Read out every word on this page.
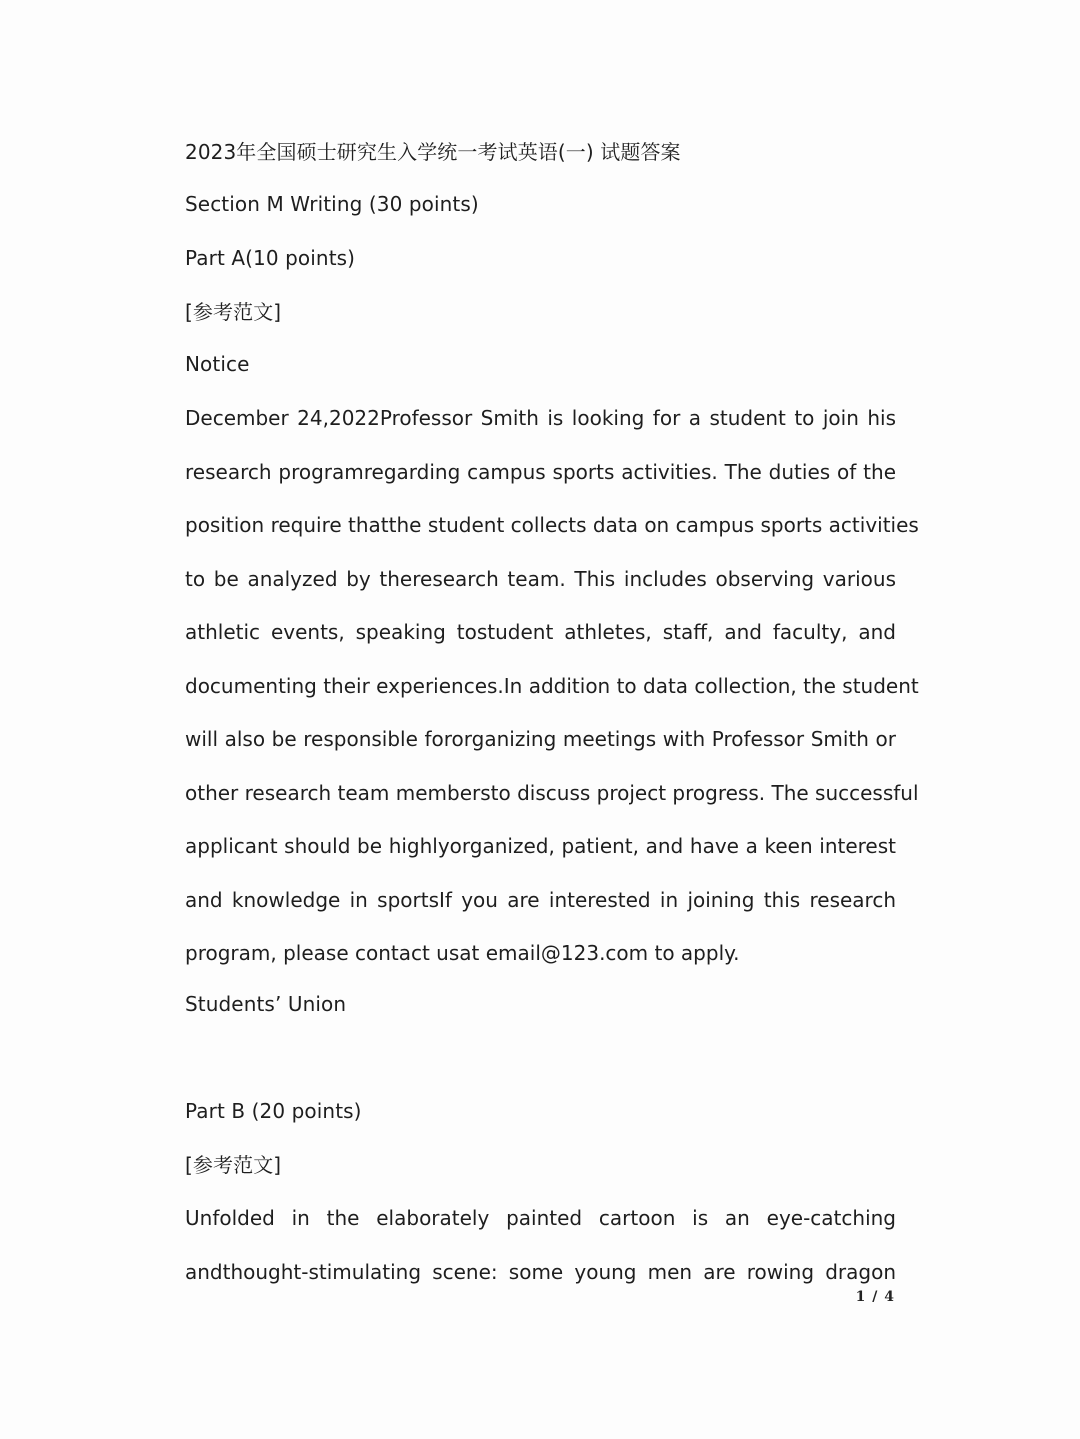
2023年全国硕士研究生入学统一考试英语(一) 试题答案
Section M Writing (30 points)
Part A(10 points)
[参考范文]
Notice
December 24,2022Professor Smith is looking for a student to join his
research programregarding campus sports activities. The duties of the
position require thatthe student collects data on campus sports activities
to be analyzed by theresearch team. This includes observing various
athletic events, speaking tostudent athletes, staff, and faculty, and
documenting their experiences.In addition to data collection, the student
will also be responsible fororganizing meetings with Professor Smith or
other research team membersto discuss project progress. The successful
applicant should be highlyorganized, patient, and have a keen interest
and knowledge in sportsIf you are interested in joining this research
program, please contact usat email@123.com to apply.
Students’ Union
Part B (20 points)
[参考范文]
Unfolded in the elaborately painted cartoon is an eye-catching
andthought-stimulating scene: some young men are rowing dragon
1 / 4
